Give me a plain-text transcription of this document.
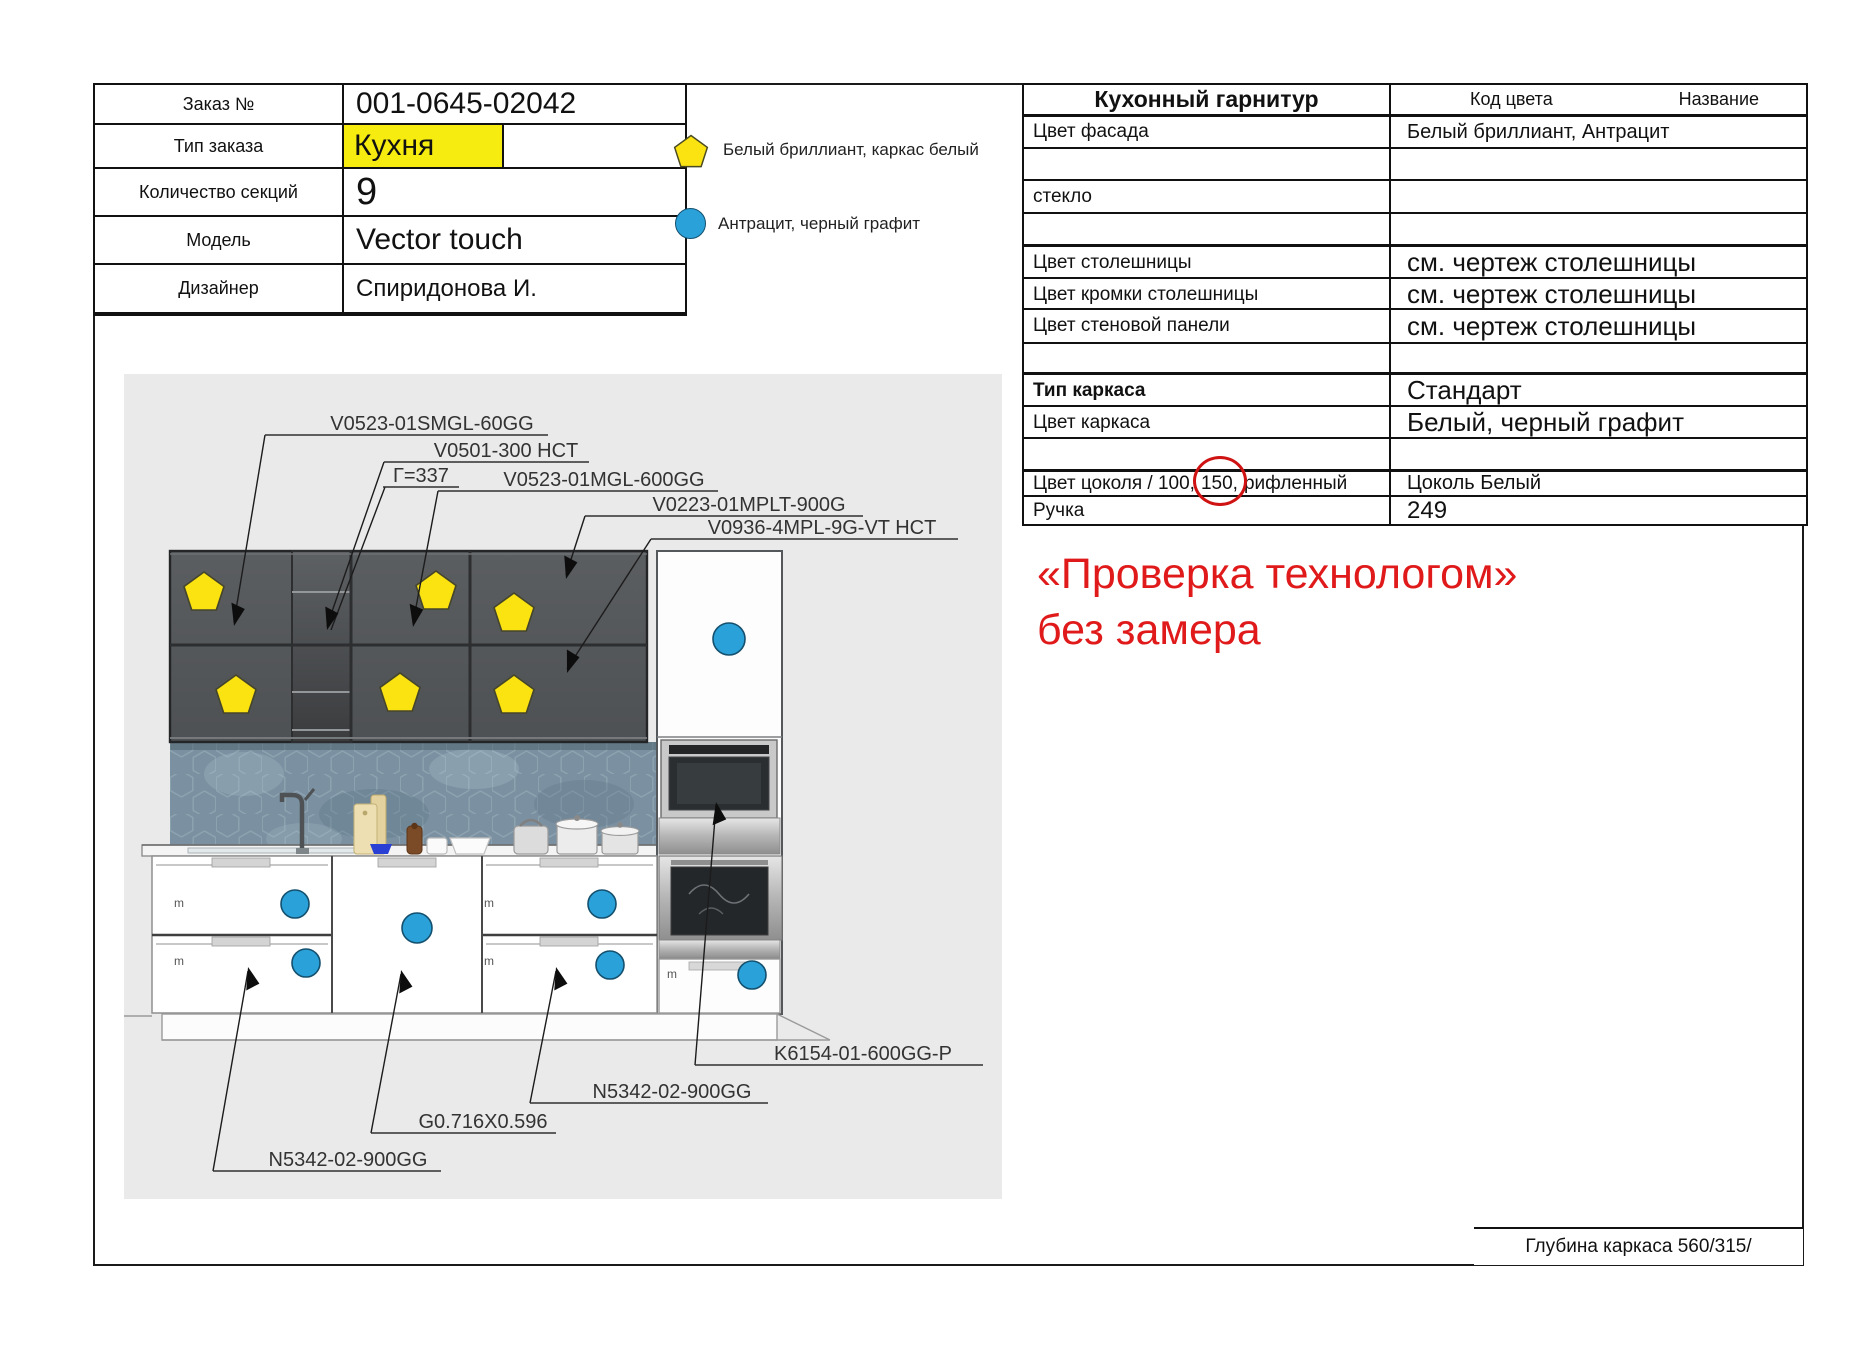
Заказ №	001-0645-02042
Тип заказа	Кухня
Количество секций	9
Модель	Vector touch
Дизайнер	Спиридонова И.
Белый бриллиант, каркас белый
Антрацит, черный графит
Кухонный гарнитур	Код цвета	Название
Цвет фасада	Белый бриллиант, Антрацит
стекло
Цвет столешницы	см. чертеж столешницы
Цвет кромки столешницы	см. чертеж столешницы
Цвет стеновой панели	см. чертеж столешницы
Тип каркаса	Стандарт
Цвет каркаса	Белый, черный графит
Цвет цоколя / 100, 150, рифленный	Цоколь Белый
Ручка	249
«Проверка технологом»
без замера
Глубина каркаса 560/315/
m
m
m
m
m
V0523-01SMGL-60GG
V0501-300 HCT
Г=337	V0523-01MGL-600GG
V0223-01MPLT-900G
V0936-4MPL-9G-VT HCT
K6154-01-600GG-P
N5342-02-900GG
G0.716X0.596
N5342-02-900GG
